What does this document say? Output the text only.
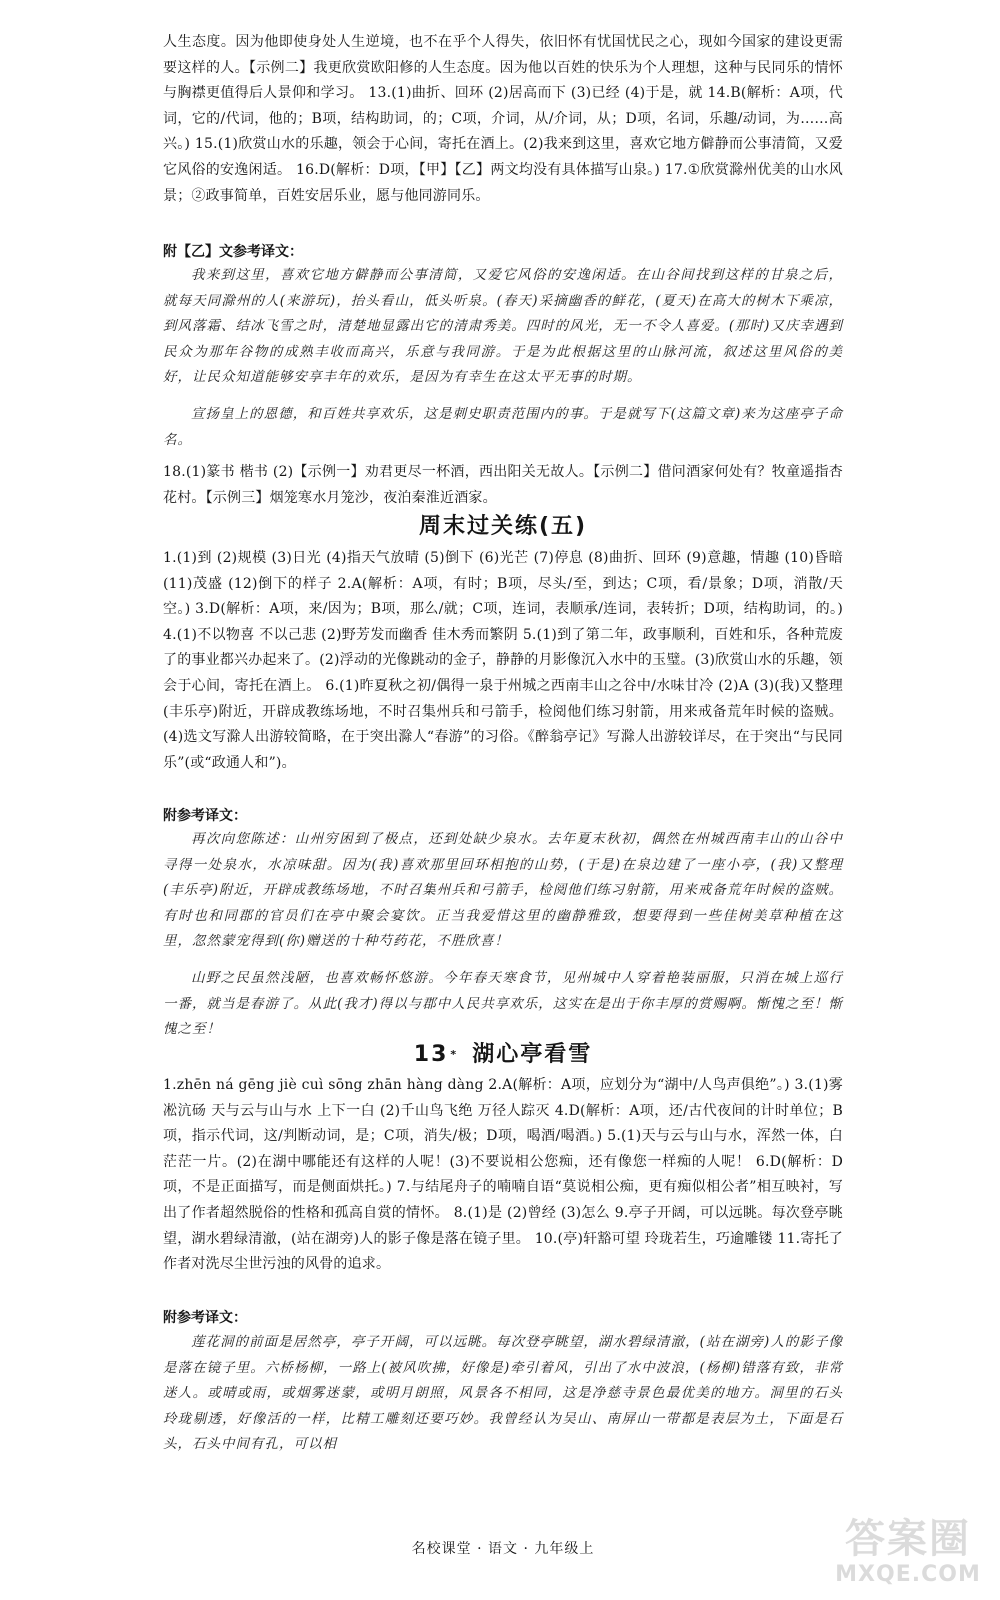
人生态度。因为他即使身处人生逆境，也不在乎个人得失，依旧怀有忧国忧民之心，现如今国家的建设更需要这样的人。【示例二】我更欣赏欧阳修的人生态度。因为他以百姓的快乐为个人理想，这种与民同乐的情怀与胸襟更值得后人景仰和学习。 13.(1)曲折、回环 (2)居高而下 (3)已经 (4)于是，就 14.B(解析：A项，代词，它的/代词，他的；B项，结构助词，的；C项，介词，从/介词，从；D项，名词，乐趣/动词，为……高兴。) 15.(1)欣赏山水的乐趣，领会于心间，寄托在酒上。(2)我来到这里，喜欢它地方僻静而公事清简，又爱它风俗的安逸闲适。 16.D(解析：D项，【甲】【乙】两文均没有具体描写山泉。) 17.①欣赏滁州优美的山水风景；②政事简单，百姓安居乐业，愿与他同游同乐。

附【乙】文参考译文：

我来到这里，喜欢它地方僻静而公事清简，又爱它风俗的安逸闲适。在山谷间找到这样的甘泉之后，就每天同滁州的人(来游玩)，抬头看山，低头听泉。(春天)采摘幽香的鲜花，(夏天)在高大的树木下乘凉，到风落霜、结冰飞雪之时，清楚地显露出它的清肃秀美。四时的风光，无一不令人喜爱。(那时)又庆幸遇到民众为那年谷物的成熟丰收而高兴，乐意与我同游。于是为此根据这里的山脉河流，叙述这里风俗的美好，让民众知道能够安享丰年的欢乐，是因为有幸生在这太平无事的时期。

宣扬皇上的恩德，和百姓共享欢乐，这是刺史职责范围内的事。于是就写下(这篇文章)来为这座亭子命名。

18.(1)篆书 楷书 (2)【示例一】劝君更尽一杯酒，西出阳关无故人。【示例二】借问酒家何处有？牧童遥指杏花村。【示例三】烟笼寒水月笼沙，夜泊秦淮近酒家。

周末过关练(五)

1.(1)到 (2)规模 (3)日光 (4)指天气放晴 (5)倒下 (6)光芒 (7)停息 (8)曲折、回环 (9)意趣，情趣 (10)昏暗 (11)茂盛 (12)倒下的样子 2.A(解析：A项，有时；B项，尽头/至，到达；C项，看/景象；D项，消散/天空。) 3.D(解析：A项，来/因为；B项，那么/就；C项，连词，表顺承/连词，表转折；D项，结构助词，的。) 4.(1)不以物喜 不以己悲 (2)野芳发而幽香 佳木秀而繁阴 5.(1)到了第二年，政事顺利，百姓和乐，各种荒废了的事业都兴办起来了。(2)浮动的光像跳动的金子，静静的月影像沉入水中的玉璧。(3)欣赏山水的乐趣，领会于心间，寄托在酒上。 6.(1)昨夏秋之初/偶得一泉于州城之西南丰山之谷中/水味甘冷 (2)A (3)(我)又整理(丰乐亭)附近，开辟成教练场地，不时召集州兵和弓箭手，检阅他们练习射箭，用来戒备荒年时候的盗贼。(4)选文写滁人出游较简略，在于突出滁人“春游”的习俗。《醉翁亭记》写滁人出游较详尽，在于突出“与民同乐”(或“政通人和”)。

附参考译文：

再次向您陈述：山州穷困到了极点，还到处缺少泉水。去年夏末秋初，偶然在州城西南丰山的山谷中寻得一处泉水，水凉味甜。因为(我)喜欢那里回环相抱的山势，(于是)在泉边建了一座小亭，(我)又整理(丰乐亭)附近，开辟成教练场地，不时召集州兵和弓箭手，检阅他们练习射箭，用来戒备荒年时候的盗贼。有时也和同郡的官员们在亭中聚会宴饮。正当我爱惜这里的幽静雅致，想要得到一些佳树美草种植在这里，忽然蒙宠得到(你)赠送的十种芍药花，不胜欣喜！

山野之民虽然浅陋，也喜欢畅怀悠游。今年春天寒食节，见州城中人穿着艳装丽服，只消在城上巡行一番，就当是春游了。从此(我才)得以与郡中人民共享欢乐，这实在是出于你丰厚的赏赐啊。惭愧之至！惭愧之至！

13 * 湖心亭看雪

1.zhēn ná gēng jiè cuì sōng zhān hàng dàng 2.A(解析：A项，应划分为“湖中/人鸟声俱绝”。) 3.(1)雾凇沆砀 天与云与山与水 上下一白 (2)千山鸟飞绝 万径人踪灭 4.D(解析：A项，还/古代夜间的计时单位；B项，指示代词，这/判断动词，是；C项，消失/极；D项，喝酒/喝酒。) 5.(1)天与云与山与水，浑然一体，白茫茫一片。(2)在湖中哪能还有这样的人呢！(3)不要说相公您痴，还有像您一样痴的人呢！ 6.D(解析：D项，不是正面描写，而是侧面烘托。) 7.与结尾舟子的喃喃自语“莫说相公痴，更有痴似相公者”相互映衬，写出了作者超然脱俗的性格和孤高自赏的情怀。 8.(1)是 (2)曾经 (3)怎么 9.亭子开阔，可以远眺。每次登亭眺望，湖水碧绿清澈，(站在湖旁)人的影子像是落在镜子里。 10.(亭)轩豁可望 玲珑若生，巧逾雕镂 11.寄托了作者对洗尽尘世污浊的风骨的追求。

附参考译文：

莲花洞的前面是居然亭，亭子开阔，可以远眺。每次登亭眺望，湖水碧绿清澈，(站在湖旁)人的影子像是落在镜子里。六桥杨柳，一路上(被风吹拂，好像是)牵引着风，引出了水中波浪，(杨柳)错落有致，非常迷人。或晴或雨，或烟雾迷蒙，或明月朗照，风景各不相同，这是净慈寺景色最优美的地方。洞里的石头玲珑剔透，好像活的一样，比精工雕刻还要巧妙。我曾经认为吴山、南屏山一带都是表层为土，下面是石头，石头中间有孔，可以相

名校课堂 · 语文 · 九年级上	答案圈
MXQE.COM
